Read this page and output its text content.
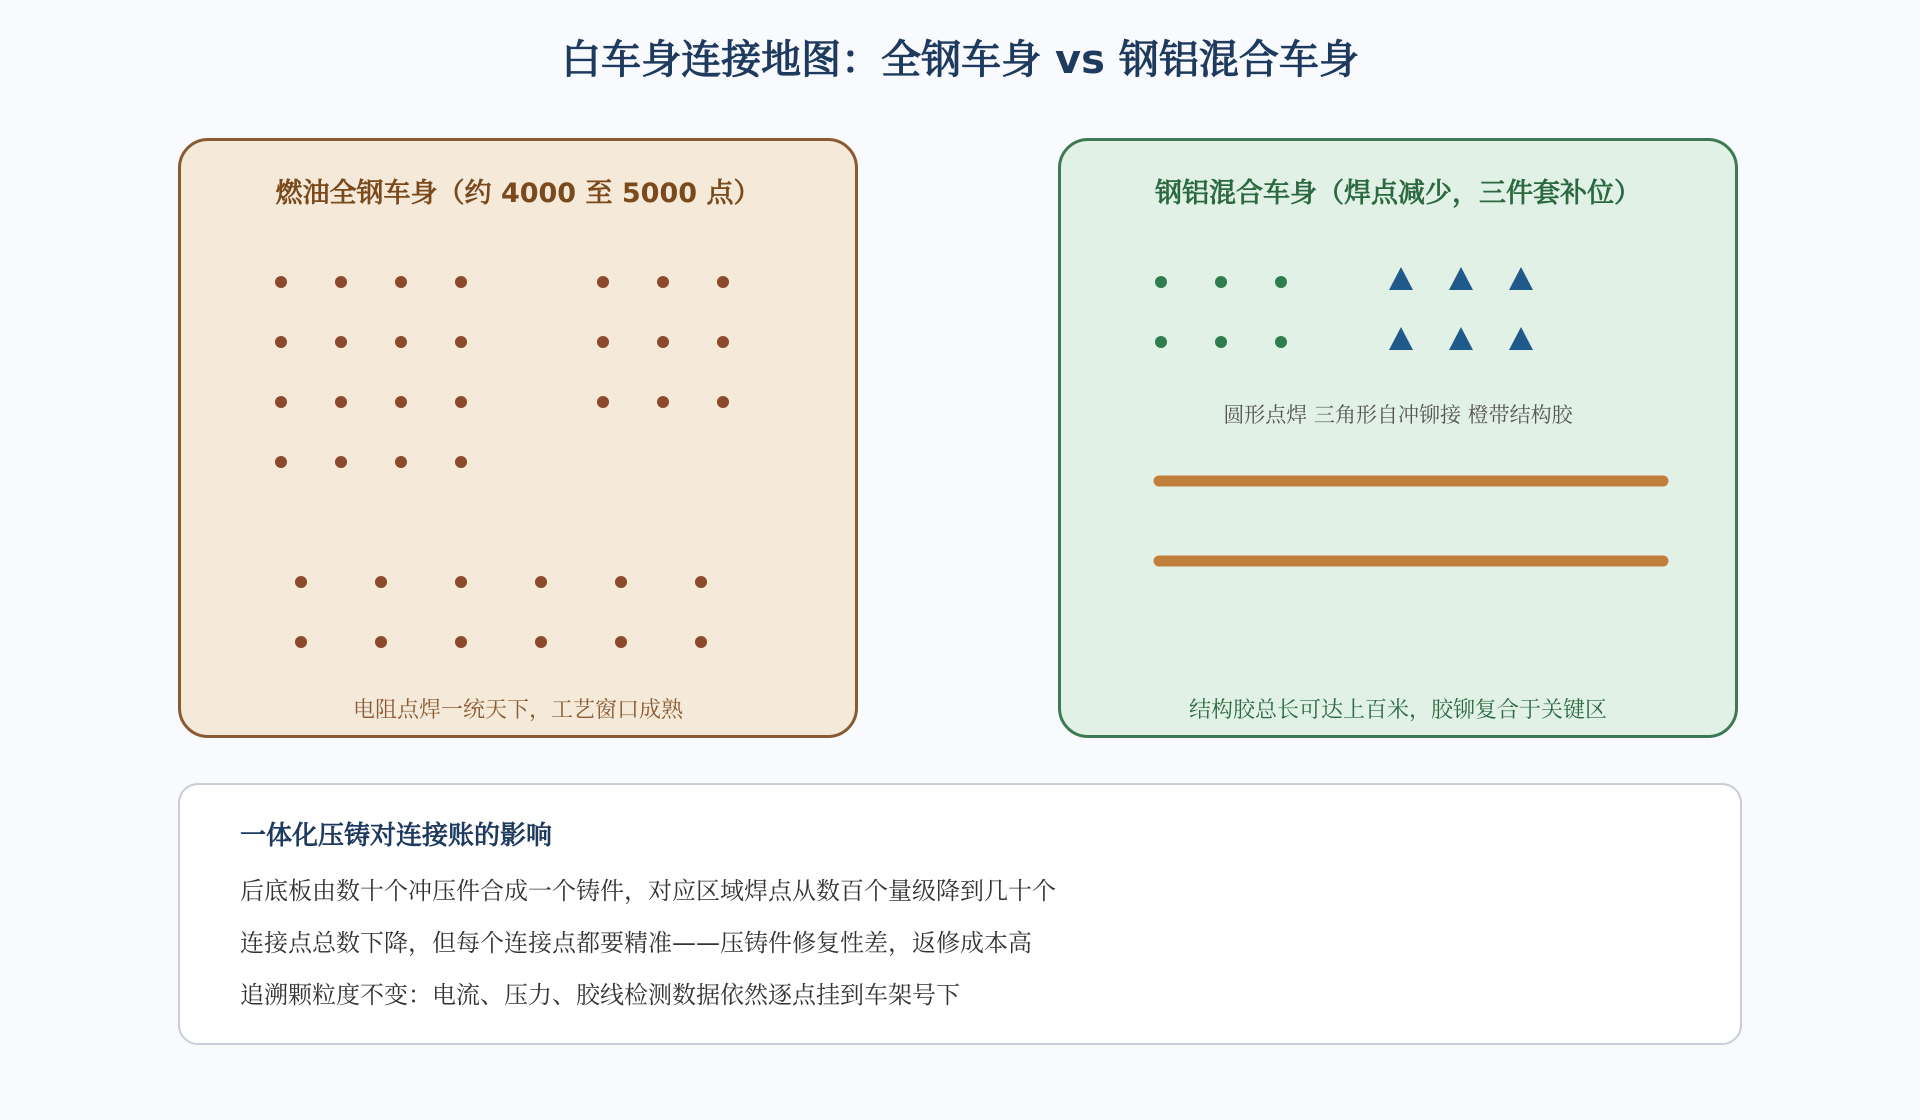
白车身连接地图：全钢车身 vs 钢铝混合车身
燃油全钢车身（约 4000 至 5000 点）
电阻点焊一统天下，工艺窗口成熟
钢铝混合车身（焊点减少，三件套补位）
圆形点焊 三角形自冲铆接 橙带结构胶
结构胶总长可达上百米，胶铆复合于关键区
一体化压铸对连接账的影响
后底板由数十个冲压件合成一个铸件，对应区域焊点从数百个量级降到几十个
连接点总数下降，但每个连接点都要精准——压铸件修复性差，返修成本高
追溯颗粒度不变：电流、压力、胶线检测数据依然逐点挂到车架号下
